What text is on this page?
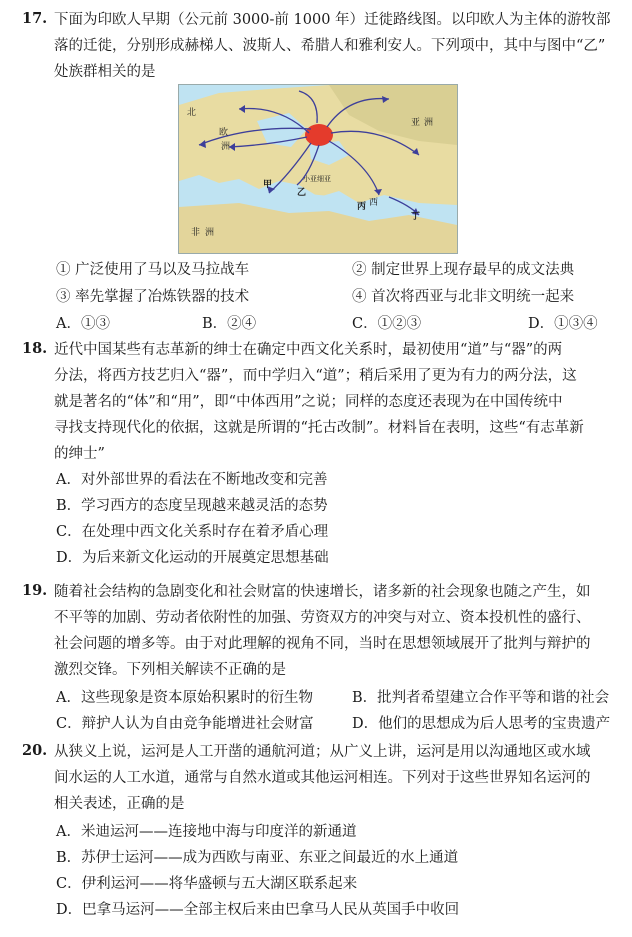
17. 下面为印欧人早期（公元前 3000-前 1000 年）迁徙路线图。以印欧人为主体的游牧部
落的迁徙，分别形成赫梯人、波斯人、希腊人和雅利安人。下列项中，其中与图中“乙”
处族群相关的是
欧
亚
非
洲
甲
乙
丙
丁
小亚细亚
北
西
洲
洲
① 广泛使用了马以及马拉战车	② 制定世界上现存最早的成文法典
③ 率先掌握了冶炼铁器的技术	④ 首次将西亚与北非文明统一起来
A．①③	B．②④	C．①②③	D．①③④
18. 近代中国某些有志革新的绅士在确定中西文化关系时，最初使用“道”与“器”的两
分法，将西方技艺归入“器”，而中学归入“道”；稍后采用了更为有力的两分法，这
就是著名的“体”和“用”，即“中体西用”之说；同样的态度还表现为在中国传统中
寻找支持现代化的依据，这就是所谓的“托古改制”。材料旨在表明，这些“有志革新
的绅士”
A．对外部世界的看法在不断地改变和完善
B．学习西方的态度呈现越来越灵活的态势
C．在处理中西文化关系时存在着矛盾心理
D．为后来新文化运动的开展奠定思想基础
19. 随着社会结构的急剧变化和社会财富的快速增长，诸多新的社会现象也随之产生，如
不平等的加剧、劳动者依附性的加强、劳资双方的冲突与对立、资本投机性的盛行、
社会问题的增多等。由于对此理解的视角不同，当时在思想领域展开了批判与辩护的
激烈交锋。下列相关解读不正确的是
A．这些现象是资本原始积累时的衍生物	B．批判者希望建立合作平等和谐的社会
C．辩护人认为自由竞争能增进社会财富	D．他们的思想成为后人思考的宝贵遗产
20. 从狭义上说，运河是人工开凿的通航河道；从广义上讲，运河是用以沟通地区或水域
间水运的人工水道，通常与自然水道或其他运河相连。下列对于这些世界知名运河的
相关表述，正确的是
A．米迪运河——连接地中海与印度洋的新通道
B．苏伊士运河——成为西欧与南亚、东亚之间最近的水上通道
C．伊利运河——将华盛顿与五大湖区联系起来
D．巴拿马运河——全部主权后来由巴拿马人民从英国手中收回
